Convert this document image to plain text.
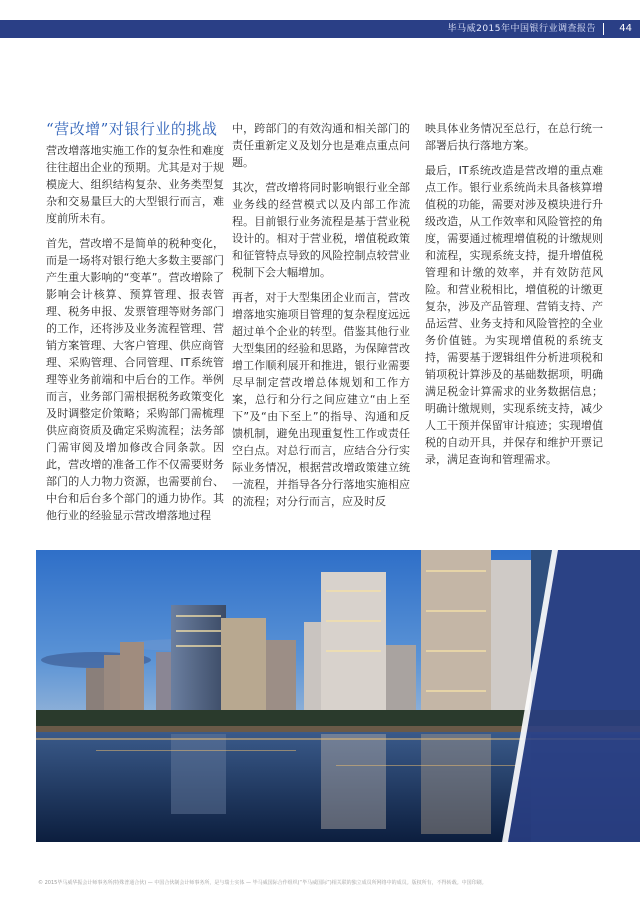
毕马威2015年中国银行业调查报告 44
“营改增”对银行业的挑战

营改增落地实施工作的复杂性和难度往往超出企业的预期。尤其是对于规模庞大、组织结构复杂、业务类型复杂和交易量巨大的大型银行而言，难度前所未有。

首先，营改增不是简单的税种变化，而是一场将对银行绝大多数主要部门产生重大影响的“变革”。营改增除了影响会计核算、预算管理、报表管理、税务申报、发票管理等财务部门的工作，还将涉及业务流程管理、营销方案管理、大客户管理、供应商管理、采购管理、合同管理、IT系统管理等业务前端和中后台的工作。举例而言，业务部门需根据税务政策变化及时调整定价策略；采购部门需梳理供应商资质及确定采购流程；法务部门需审阅及增加修改合同条款。因此，营改增的准备工作不仅需要财务部门的人力物力资源，也需要前台、中台和后台多个部门的通力协作。其他行业的经验显示营改增落地过程

中，跨部门的有效沟通和相关部门的责任重新定义及划分也是难点重点问题。

其次，营改增将同时影响银行业全部业务线的经营模式以及内部工作流程。目前银行业务流程是基于营业税设计的。相对于营业税，增值税政策和征管特点导致的风险控制点较营业税制下会大幅增加。

再者，对于大型集团企业而言，营改增落地实施项目管理的复杂程度远远超过单个企业的转型。借鉴其他行业大型集团的经验和思路，为保障营改增工作顺利展开和推进，银行业需要尽早制定营改增总体规划和工作方案，总行和分行之间应建立“由上至下”及“由下至上”的指导、沟通和反馈机制，避免出现重复性工作或责任空白点。对总行而言，应结合分行实际业务情况，根据营改增政策建立统一流程，并指导各分行落地实施相应的流程；对分行而言，应及时反

映具体业务情况至总行，在总行统一部署后执行落地方案。

最后，IT系统改造是营改增的重点难点工作。银行业系统尚未具备核算增值税的功能，需要对涉及模块进行升级改造，从工作效率和风险管控的角度，需要通过梳理增值税的计缴规则和流程，实现系统支持，提升增值税管理和计缴的效率，并有效防范风险。和营业税相比，增值税的计缴更复杂，涉及产品管理、营销支持、产品运营、业务支持和风险管控的全业务价值链。为实现增值税的系统支持，需要基于逻辑组件分析进项税和销项税计算涉及的基础数据项，明确满足税金计算需求的业务数据信息；明确计缴规则，实现系统支持，减少人工干预并保留审计痕迹；实现增值税的自动开具，并保存和维护开票记录，满足查询和管理需求。

© 2015毕马威华振会计师事务所(特殊普通合伙) — 中国合伙制会计师事务所，是与瑞士实体 — 毕马威国际合作组织(“毕马威国际”)相关联的独立成员所网络中的成员。版权所有，不得转载。中国印刷。
